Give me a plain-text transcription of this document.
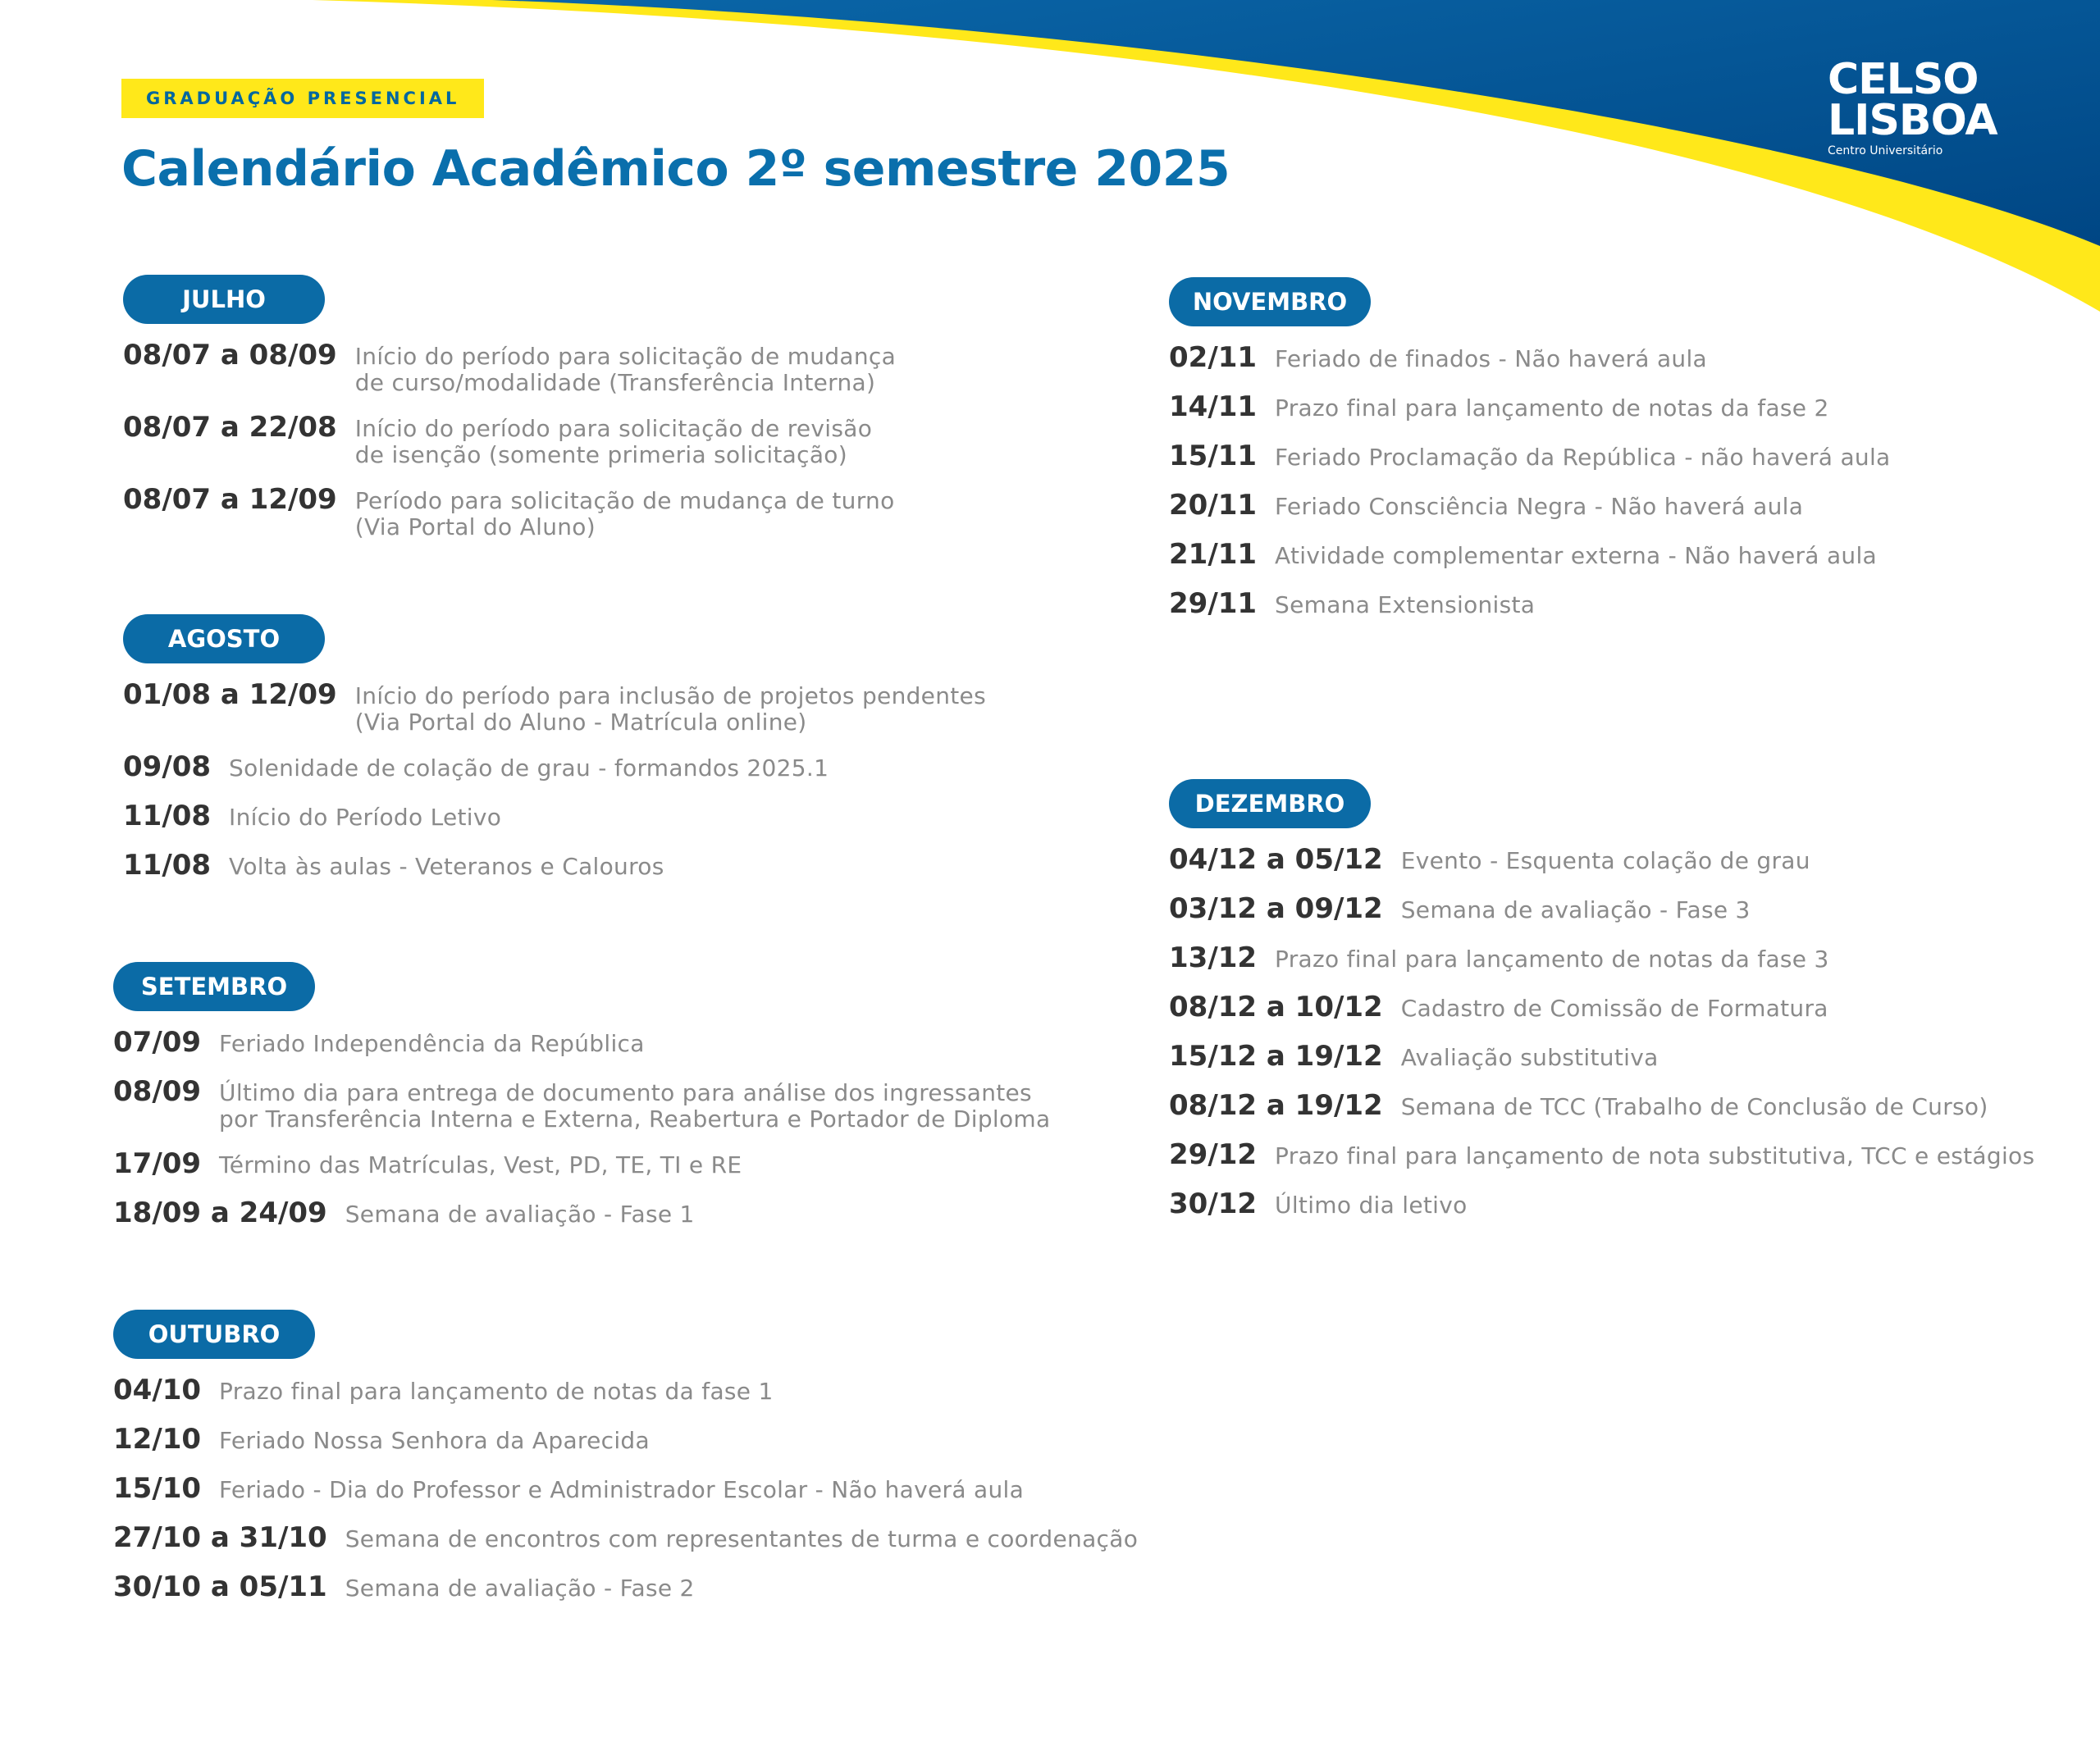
CELSO
LISBOA
Centro Universitário
GRADUAÇÃO PRESENCIAL
Calendário Acadêmico 2º semestre 2025
JULHO
08/07 a 08/09 Início do período para solicitação de mudança
de curso/modalidade (Transferência Interna)
08/07 a 22/08 Início do período para solicitação de revisão
de isenção (somente primeria solicitação)
08/07 a 12/09 Período para solicitação de mudança de turno
(Via Portal do Aluno)
AGOSTO
01/08 a 12/09 Início do período para inclusão de projetos pendentes
(Via Portal do Aluno - Matrícula online)
09/08 Solenidade de colação de grau - formandos 2025.1
11/08 Início do Período Letivo
11/08 Volta às aulas - Veteranos e Calouros
SETEMBRO
07/09 Feriado Independência da República
08/09 Último dia para entrega de documento para análise dos ingressantes
por Transferência Interna e Externa, Reabertura e Portador de Diploma
17/09 Término das Matrículas, Vest, PD, TE, TI e RE
18/09 a 24/09 Semana de avaliação - Fase 1
OUTUBRO
04/10 Prazo final para lançamento de notas da fase 1
12/10 Feriado Nossa Senhora da Aparecida
15/10 Feriado - Dia do Professor e Administrador Escolar - Não haverá aula
27/10 a 31/10 Semana de encontros com representantes de turma e coordenação
30/10 a 05/11 Semana de avaliação - Fase 2
NOVEMBRO
02/11 Feriado de finados - Não haverá aula
14/11 Prazo final para lançamento de notas da fase 2
15/11 Feriado Proclamação da República - não haverá aula
20/11 Feriado Consciência Negra - Não haverá aula
21/11 Atividade complementar externa - Não haverá aula
29/11 Semana Extensionista
DEZEMBRO
04/12 a 05/12 Evento - Esquenta colação de grau
03/12 a 09/12 Semana de avaliação - Fase 3
13/12 Prazo final para lançamento de notas da fase 3
08/12 a 10/12 Cadastro de Comissão de Formatura
15/12 a 19/12 Avaliação substitutiva
08/12 a 19/12 Semana de TCC (Trabalho de Conclusão de Curso)
29/12 Prazo final para lançamento de nota substitutiva, TCC e estágios
30/12 Último dia letivo
